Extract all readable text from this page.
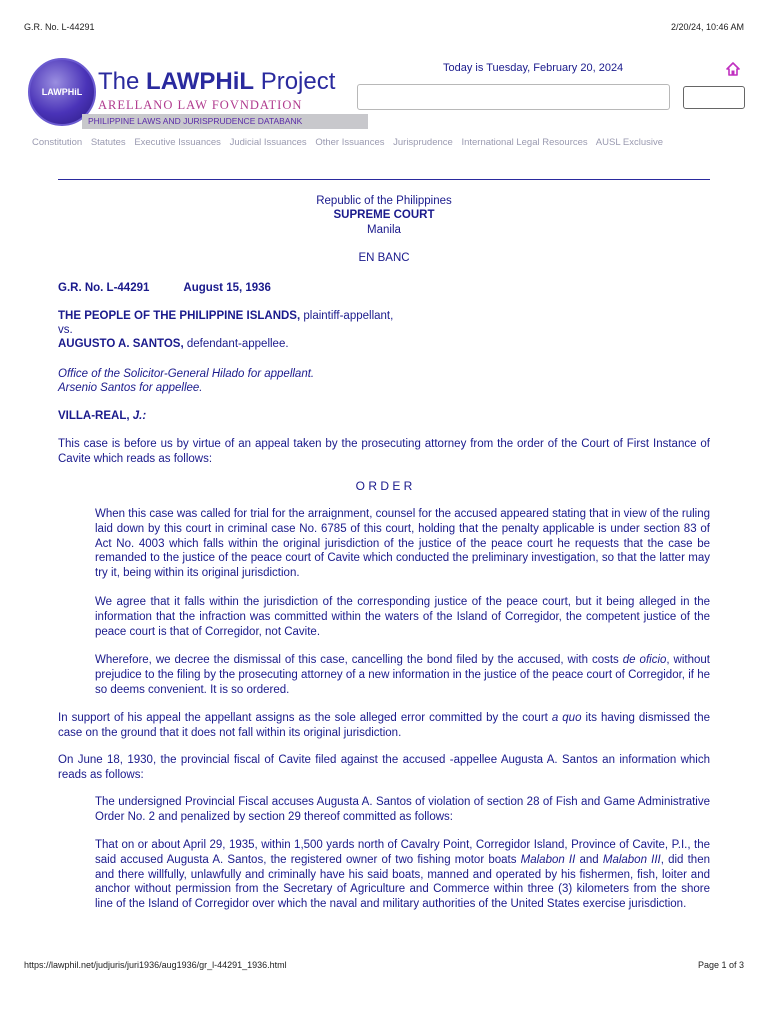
G.R. No. L-44291	2/20/24, 10:46 AM
LAWPHiL The LAWPHiL Project
ARELLANO LAW FOVNDATION
PHILIPPINE LAWS AND JURISPRUDENCE DATABANK
Today is Tuesday, February 20, 2024
Constitution Statutes Executive Issuances Judicial Issuances Other Issuances Jurisprudence International Legal Resources AUSL Exclusive
Republic of the Philippines
SUPREME COURT
Manila
EN BANC
G.R. No. L-44291	August 15, 1936
THE PEOPLE OF THE PHILIPPINE ISLANDS, plaintiff-appellant,
vs.
AUGUSTO A. SANTOS, defendant-appellee.
Office of the Solicitor-General Hilado for appellant.
Arsenio Santos for appellee.
VILLA-REAL, J.:
This case is before us by virtue of an appeal taken by the prosecuting attorney from the order of the Court of First Instance of Cavite which reads as follows:
O R D E R
When this case was called for trial for the arraignment, counsel for the accused appeared stating that in view of the ruling laid down by this court in criminal case No. 6785 of this court, holding that the penalty applicable is under section 83 of Act No. 4003 which falls within the original jurisdiction of the justice of the peace court he requests that the case be remanded to the justice of the peace court of Cavite which conducted the preliminary investigation, so that the latter may try it, being within its original jurisdiction.
We agree that it falls within the jurisdiction of the corresponding justice of the peace court, but it being alleged in the information that the infraction was committed within the waters of the Island of Corregidor, the competent justice of the peace court is that of Corregidor, not Cavite.
Wherefore, we decree the dismissal of this case, cancelling the bond filed by the accused, with costs de oficio, without prejudice to the filing by the prosecuting attorney of a new information in the justice of the peace court of Corregidor, if he so deems convenient. It is so ordered.
In support of his appeal the appellant assigns as the sole alleged error committed by the court a quo its having dismissed the case on the ground that it does not fall within its original jurisdiction.
On June 18, 1930, the provincial fiscal of Cavite filed against the accused -appellee Augusta A. Santos an information which reads as follows:
The undersigned Provincial Fiscal accuses Augusta A. Santos of violation of section 28 of Fish and Game Administrative Order No. 2 and penalized by section 29 thereof committed as follows:
That on or about April 29, 1935, within 1,500 yards north of Cavalry Point, Corregidor Island, Province of Cavite, P.I., the said accused Augusta A. Santos, the registered owner of two fishing motor boats Malabon II and Malabon III, did then and there willfully, unlawfully and criminally have his said boats, manned and operated by his fishermen, fish, loiter and anchor without permission from the Secretary of Agriculture and Commerce within three (3) kilometers from the shore line of the Island of Corregidor over which the naval and military authorities of the United States exercise jurisdiction.
https://lawphil.net/judjuris/juri1936/aug1936/gr_l-44291_1936.html	Page 1 of 3
